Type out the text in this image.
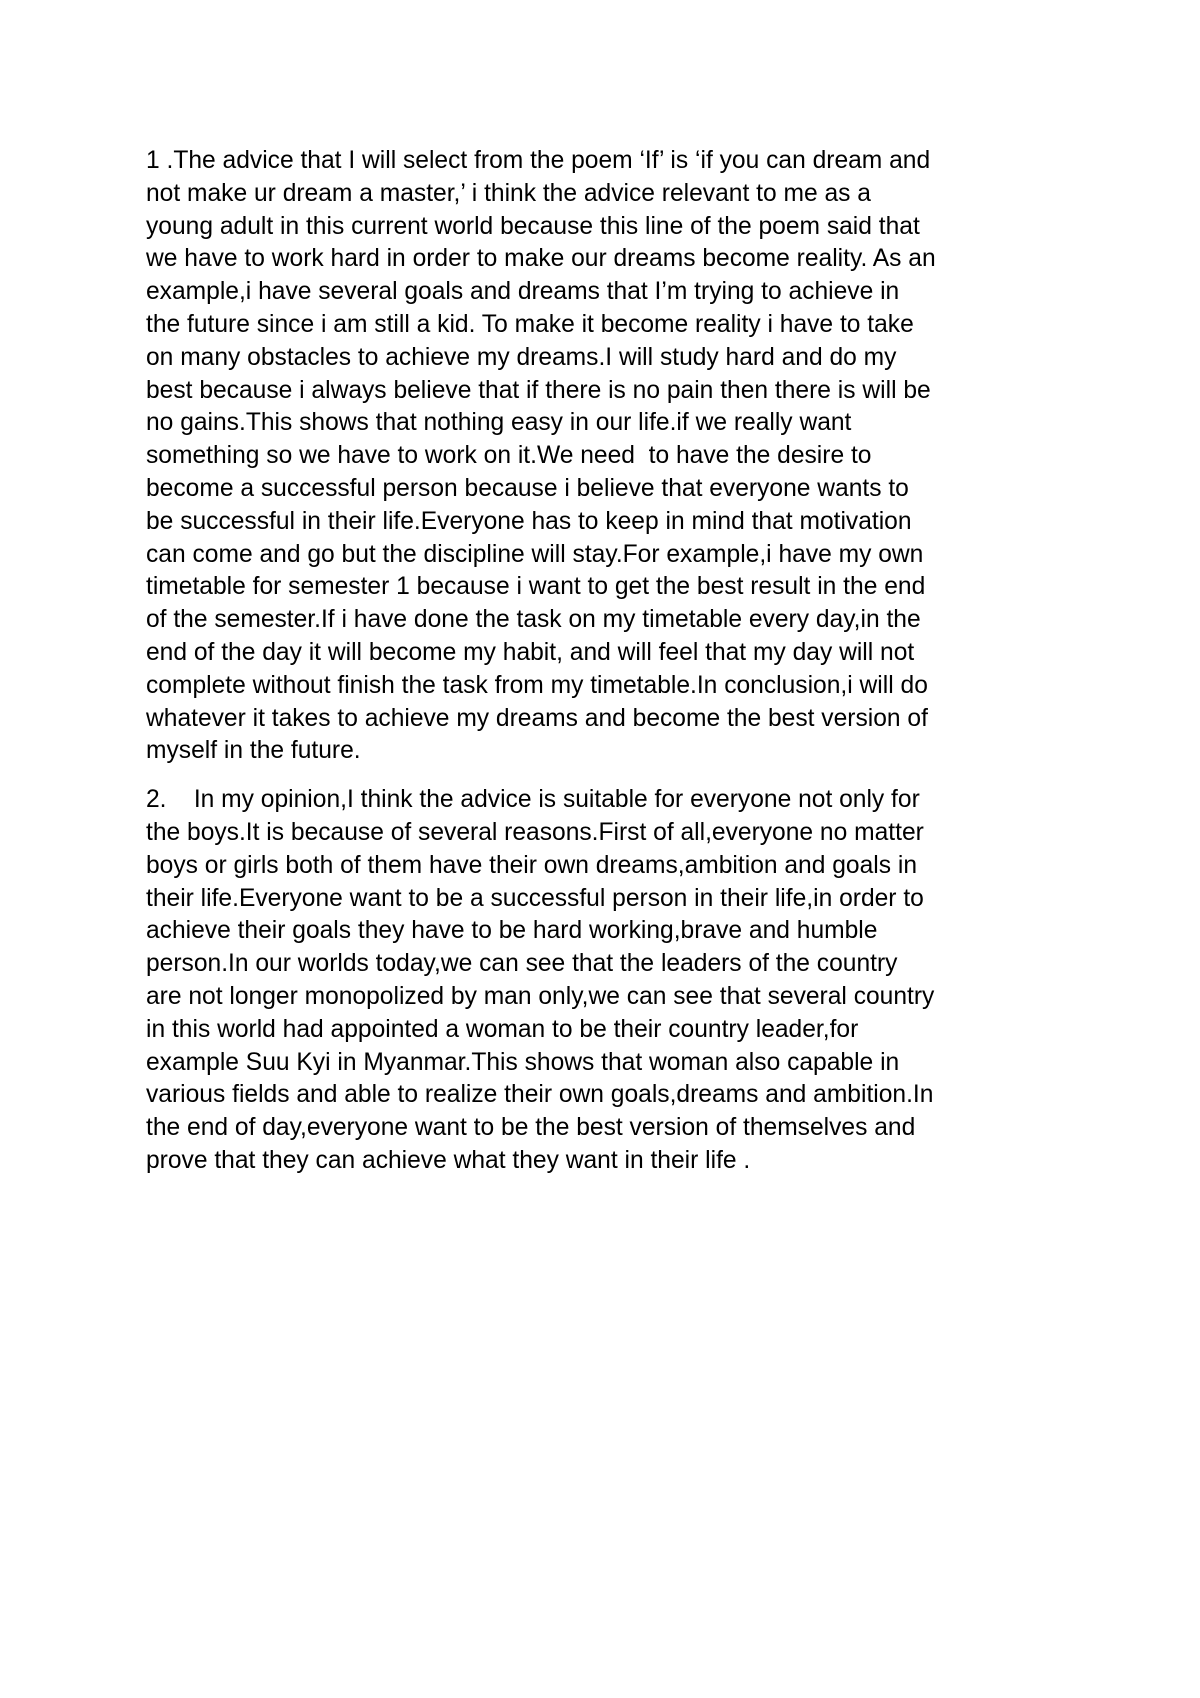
1 .The advice that I will select from the poem ‘If’ is ‘if you can dream and
not make ur dream a master,’ i think the advice relevant to me as a
young adult in this current world because this line of the poem said that
we have to work hard in order to make our dreams become reality. As an
example,i have several goals and dreams that I’m trying to achieve in
the future since i am still a kid. To make it become reality i have to take
on many obstacles to achieve my dreams.I will study hard and do my
best because i always believe that if there is no pain then there is will be
no gains.This shows that nothing easy in our life.if we really want
something so we have to work on it.We need  to have the desire to
become a successful person because i believe that everyone wants to
be successful in their life.Everyone has to keep in mind that motivation
can come and go but the discipline will stay.For example,i have my own
timetable for semester 1 because i want to get the best result in the end
of the semester.If i have done the task on my timetable every day,in the
end of the day it will become my habit, and will feel that my day will not
complete without finish the task from my timetable.In conclusion,i will do
whatever it takes to achieve my dreams and become the best version of
myself in the future.
2.    In my opinion,I think the advice is suitable for everyone not only for
the boys.It is because of several reasons.First of all,everyone no matter
boys or girls both of them have their own dreams,ambition and goals in
their life.Everyone want to be a successful person in their life,in order to
achieve their goals they have to be hard working,brave and humble
person.In our worlds today,we can see that the leaders of the country
are not longer monopolized by man only,we can see that several country
in this world had appointed a woman to be their country leader,for
example Suu Kyi in Myanmar.This shows that woman also capable in
various fields and able to realize their own goals,dreams and ambition.In
the end of day,everyone want to be the best version of themselves and
prove that they can achieve what they want in their life .
